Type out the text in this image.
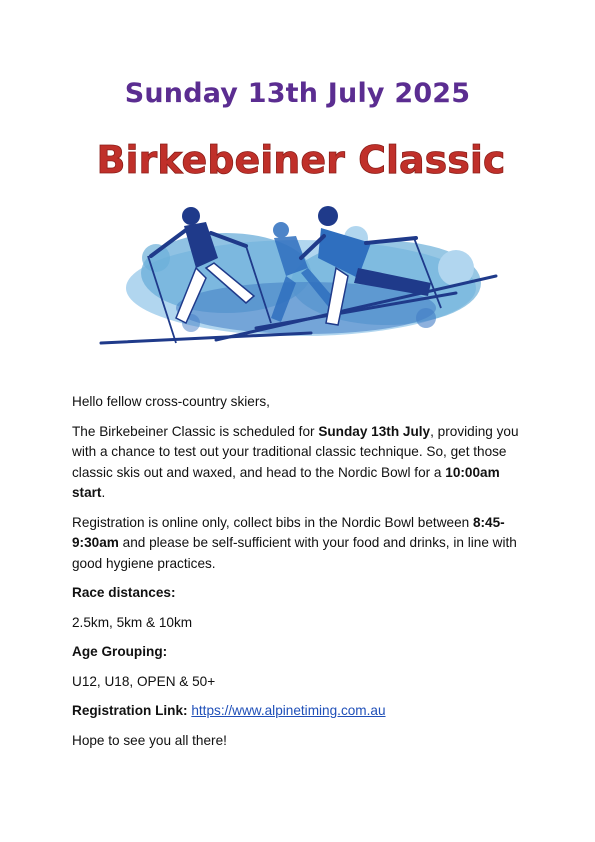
Sunday 13th July 2025
Birkebeiner Classic

Hello fellow cross-country skiers,

The Birkebeiner Classic is scheduled for Sunday 13th July, providing you with a chance to test out your traditional classic technique. So, get those classic skis out and waxed, and head to the Nordic Bowl for a 10:00am start.

Registration is online only, collect bibs in the Nordic Bowl between 8:45-9:30am and please be self-sufficient with your food and drinks, in line with good hygiene practices.

Race distances:

2.5km, 5km & 10km

Age Grouping:

U12, U18, OPEN & 50+

Registration Link: https://www.alpinetiming.com.au

Hope to see you all there!
